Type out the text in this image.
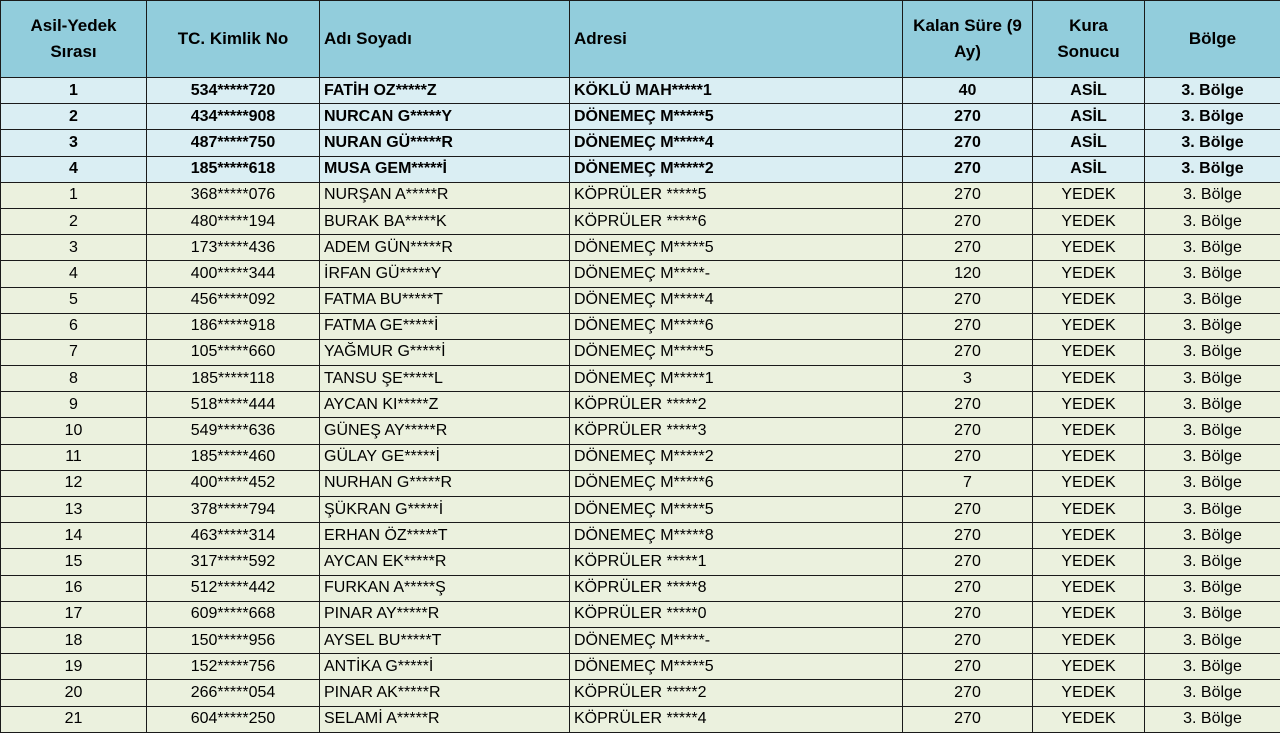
Asil-Yedek Sırası	TC. Kimlik No	Adı Soyadı	Adresi	Kalan Süre (9 Ay)	Kura Sonucu	Bölge
1	534*****720	FATİH OZ*****Z	KÖKLÜ MAH*****1	40	ASİL	3. Bölge
2	434*****908	NURCAN G*****Y	DÖNEMEÇ M*****5	270	ASİL	3. Bölge
3	487*****750	NURAN GÜ*****R	DÖNEMEÇ M*****4	270	ASİL	3. Bölge
4	185*****618	MUSA GEM*****İ	DÖNEMEÇ M*****2	270	ASİL	3. Bölge
1	368*****076	NURŞAN A*****R	KÖPRÜLER *****5	270	YEDEK	3. Bölge
2	480*****194	BURAK BA*****K	KÖPRÜLER *****6	270	YEDEK	3. Bölge
3	173*****436	ADEM GÜN*****R	DÖNEMEÇ M*****5	270	YEDEK	3. Bölge
4	400*****344	İRFAN GÜ*****Y	DÖNEMEÇ M*****-	120	YEDEK	3. Bölge
5	456*****092	FATMA BU*****T	DÖNEMEÇ M*****4	270	YEDEK	3. Bölge
6	186*****918	FATMA GE*****İ	DÖNEMEÇ M*****6	270	YEDEK	3. Bölge
7	105*****660	YAĞMUR G*****İ	DÖNEMEÇ M*****5	270	YEDEK	3. Bölge
8	185*****118	TANSU ŞE*****L	DÖNEMEÇ M*****1	3	YEDEK	3. Bölge
9	518*****444	AYCAN KI*****Z	KÖPRÜLER *****2	270	YEDEK	3. Bölge
10	549*****636	GÜNEŞ AY*****R	KÖPRÜLER *****3	270	YEDEK	3. Bölge
11	185*****460	GÜLAY GE*****İ	DÖNEMEÇ M*****2	270	YEDEK	3. Bölge
12	400*****452	NURHAN G*****R	DÖNEMEÇ M*****6	7	YEDEK	3. Bölge
13	378*****794	ŞÜKRAN G*****İ	DÖNEMEÇ M*****5	270	YEDEK	3. Bölge
14	463*****314	ERHAN ÖZ*****T	DÖNEMEÇ M*****8	270	YEDEK	3. Bölge
15	317*****592	AYCAN EK*****R	KÖPRÜLER *****1	270	YEDEK	3. Bölge
16	512*****442	FURKAN A*****Ş	KÖPRÜLER *****8	270	YEDEK	3. Bölge
17	609*****668	PINAR AY*****R	KÖPRÜLER *****0	270	YEDEK	3. Bölge
18	150*****956	AYSEL BU*****T	DÖNEMEÇ M*****-	270	YEDEK	3. Bölge
19	152*****756	ANTİKA G*****İ	DÖNEMEÇ M*****5	270	YEDEK	3. Bölge
20	266*****054	PINAR AK*****R	KÖPRÜLER *****2	270	YEDEK	3. Bölge
21	604*****250	SELAMİ A*****R	KÖPRÜLER *****4	270	YEDEK	3. Bölge
